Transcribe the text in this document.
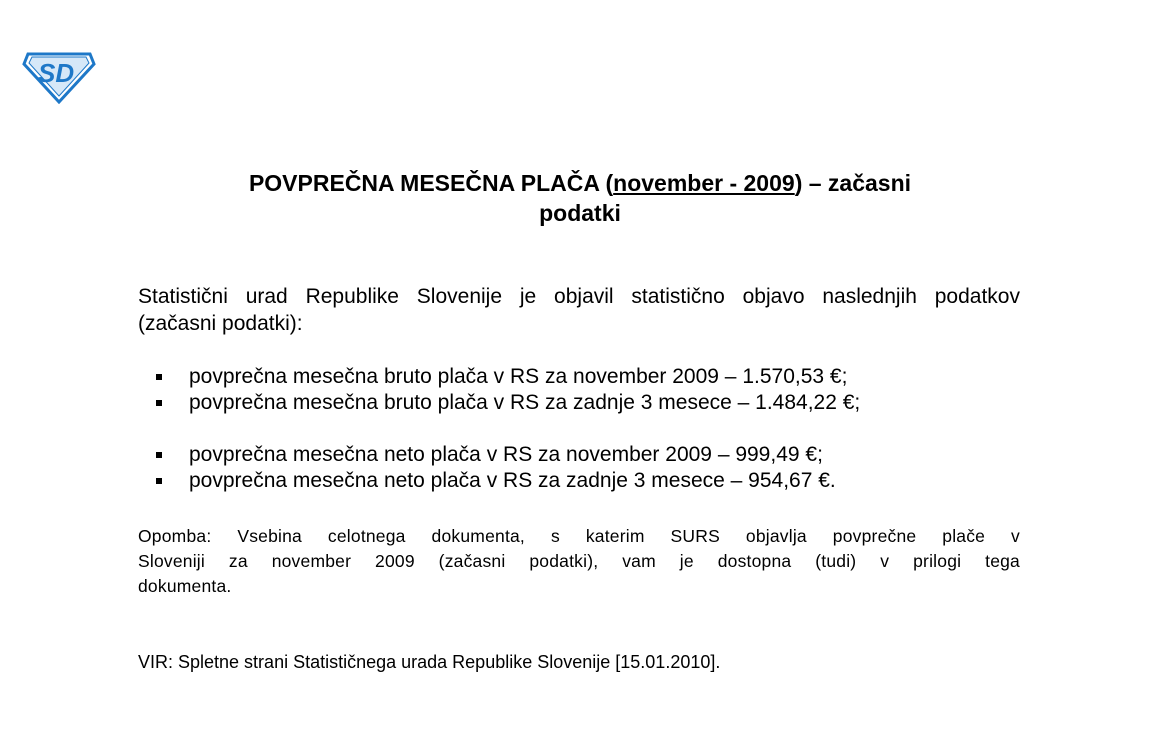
SD
POVPREČNA MESEČNA PLAČA (november - 2009) – začasni
podatki
Statistični urad Republike Slovenije je objavil statistično objavo naslednjih podatkov
(začasni podatki):
povprečna mesečna bruto plača v RS za november 2009 – 1.570,53 €;
povprečna mesečna bruto plača v RS za zadnje 3 mesece – 1.484,22 €;
povprečna mesečna neto plača v RS za november 2009 – 999,49 €;
povprečna mesečna neto plača v RS za zadnje 3 mesece – 954,67 €.
Opomba: Vsebina celotnega dokumenta, s katerim SURS objavlja povprečne plače v
Sloveniji za november 2009 (začasni podatki), vam je dostopna (tudi) v prilogi tega
dokumenta.
VIR: Spletne strani Statističnega urada Republike Slovenije [15.01.2010].
